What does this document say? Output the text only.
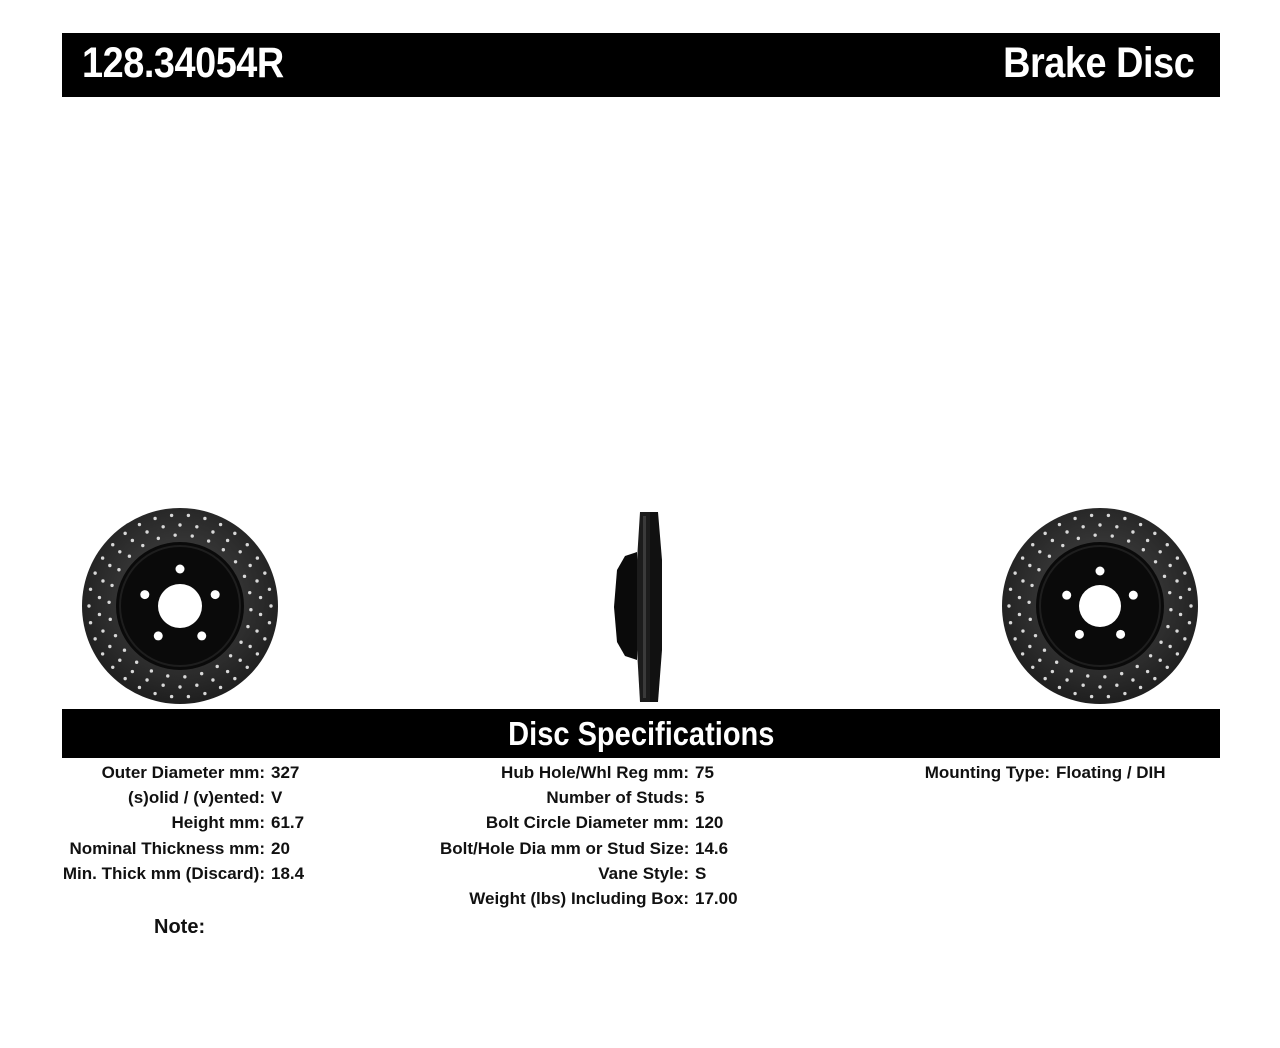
128.34054R	Brake Disc
Disc Specifications
Outer Diameter mm: 327
(s)olid / (v)ented: V
Height mm: 61.7
Nominal Thickness mm: 20
Min. Thick mm (Discard): 18.4
Hub Hole/Whl Reg mm: 75
Number of Studs: 5
Bolt Circle Diameter mm: 120
Bolt/Hole Dia mm or Stud Size: 14.6
Vane Style: S
Weight (lbs) Including Box: 17.00
Mounting Type: Floating / DIH
Note:
